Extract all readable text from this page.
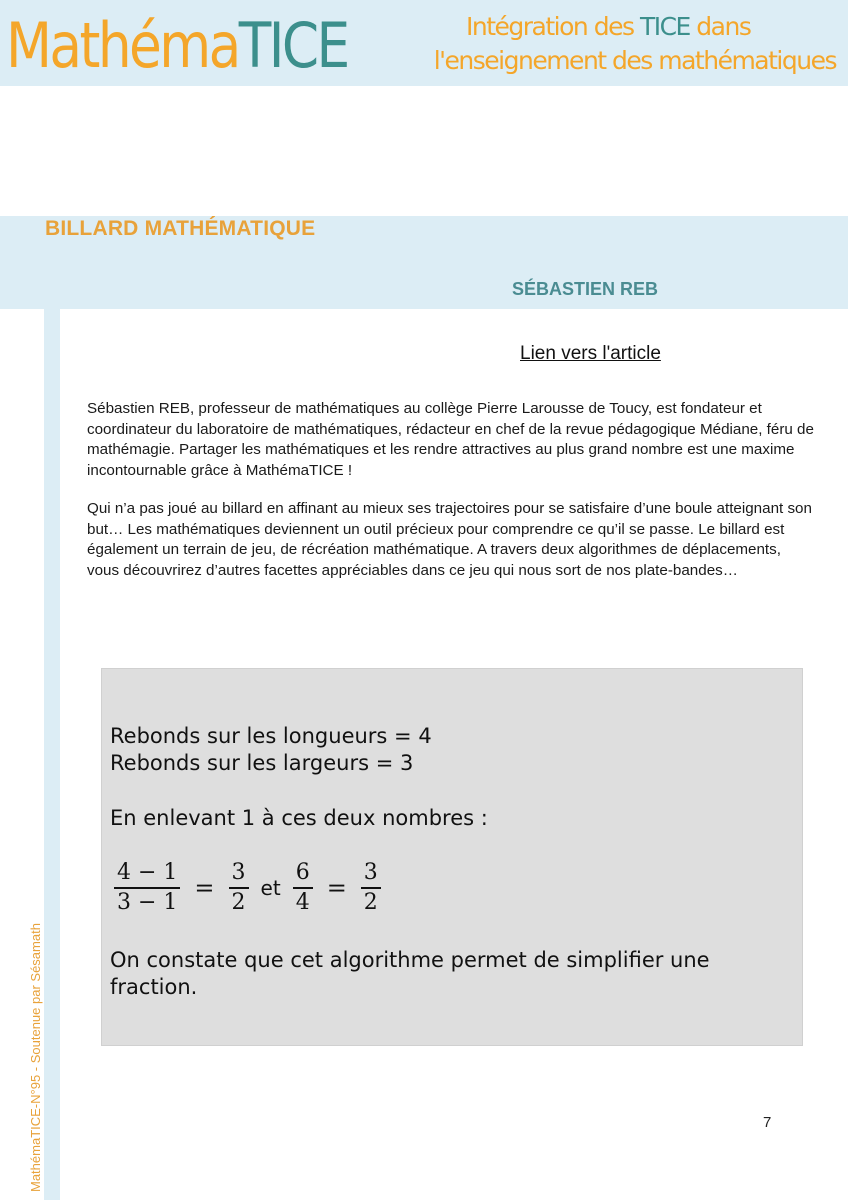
MathémaTICE	Intégration des TICE dans
l'enseignement des mathématiques
BILLARD MATHÉMATIQUE
SÉBASTIEN REB
MathémaTICE-N°95 - Soutenue par Sésamath
Lien vers l'article

Sébastien REB, professeur de mathématiques au collège Pierre Larousse de Toucy, est fondateur et coordinateur du laboratoire de mathématiques, rédacteur en chef de la revue pédagogique Médiane, féru de mathémagie. Partager les mathématiques et les rendre attractives au plus grand nombre est une maxime incontournable grâce à MathémaTICE !

Qui n’a pas joué au billard en affinant au mieux ses trajectoires pour se satisfaire d’une boule atteignant son but… Les mathématiques deviennent un outil précieux pour comprendre ce qu’il se passe. Le billard est également un terrain de jeu, de récréation mathématique. A travers deux algorithmes de déplacements, vous découvrirez d’autres facettes appréciables dans ce jeu qui nous sort de nos plate-bandes…

Rebonds sur les longueurs = 4
Rebonds sur les largeurs = 3

En enlevant 1 à ces deux nombres :

$\frac{4 - 1}{3 - 1} = \frac{3}{2}$ et $\frac{6}{4} = \frac{3}{2}$

On constate que cet algorithme permet de simplifier une
fraction.

7
